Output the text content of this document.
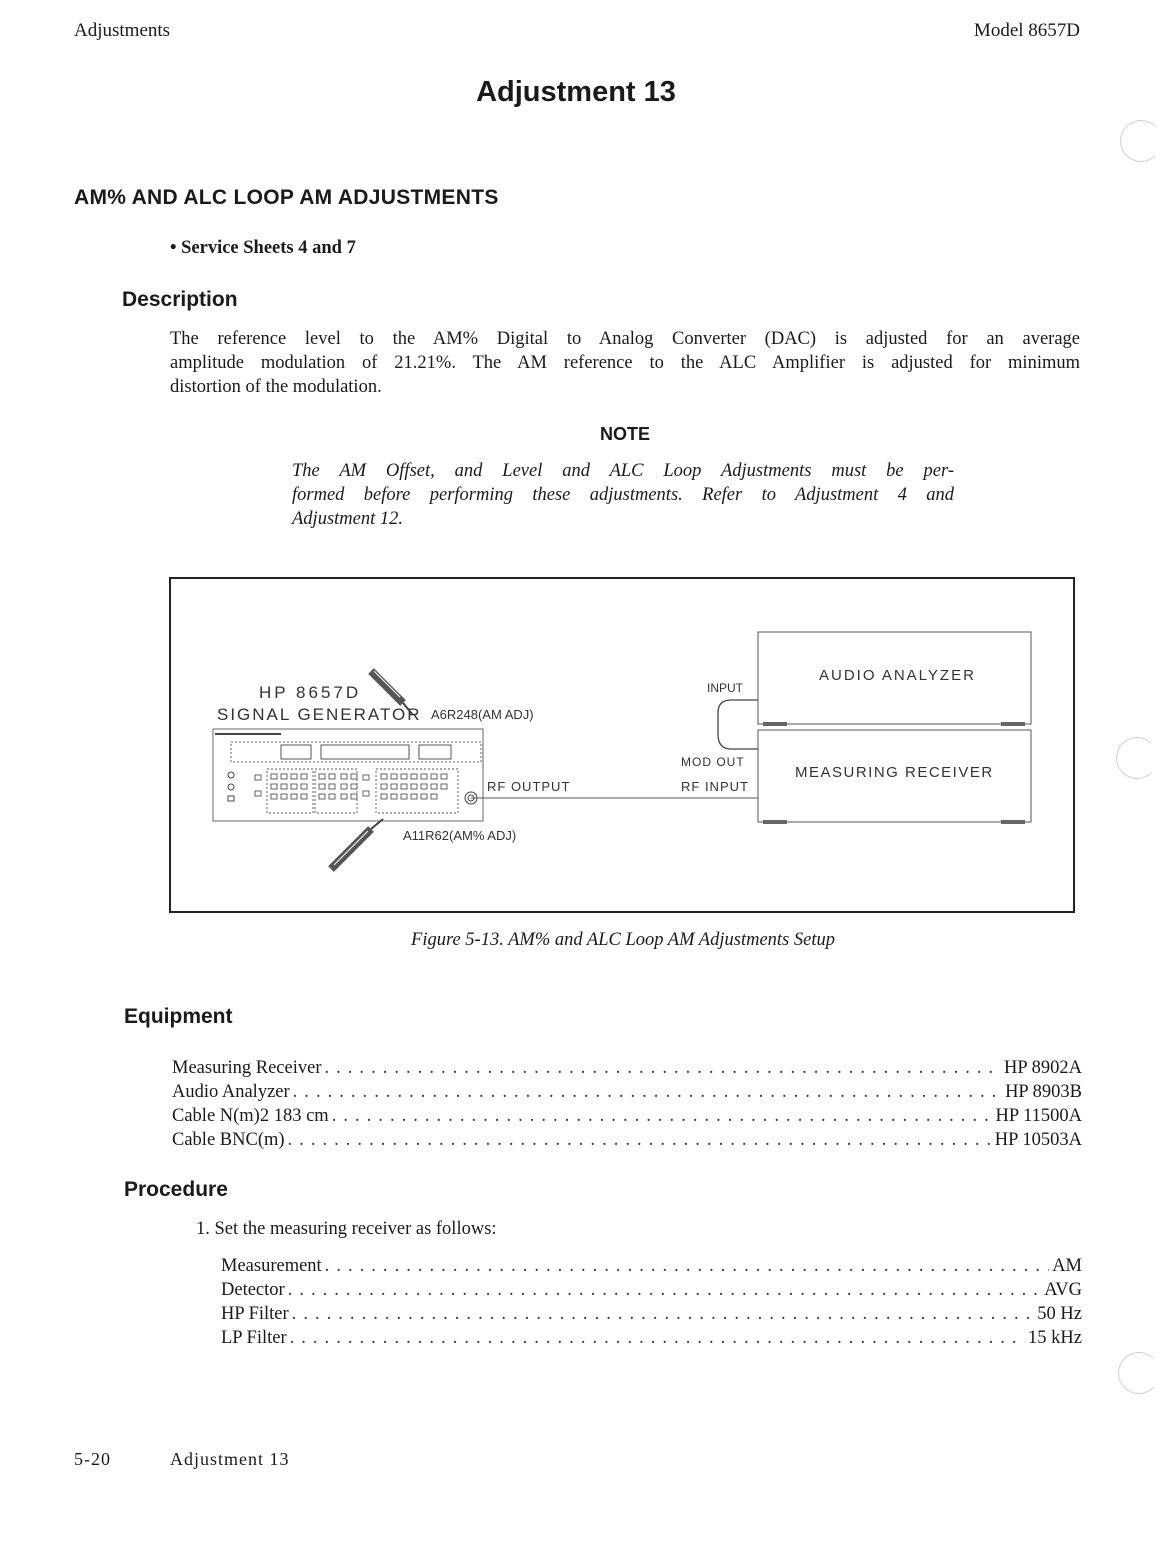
Adjustments	Model 8657D
Adjustment 13
AM% AND ALC LOOP AM ADJUSTMENTS
• Service Sheets 4 and 7
Description
The reference level to the AM% Digital to Analog Converter (DAC) is adjusted for an average
amplitude modulation of 21.21%. The AM reference to the ALC Amplifier is adjusted for minimum
distortion of the modulation.
NOTE
The AM Offset, and Level and ALC Loop Adjustments must be per-
formed before performing these adjustments. Refer to Adjustment 4 and
Adjustment 12.
HP 8657D
SIGNAL GENERATOR A6R248(AM ADJ)
A11R62(AM% ADJ)
RF OUTPUT	RF INPUT
INPUT
MOD OUT
AUDIO ANALYZER
MEASURING RECEIVER
Figure 5-13. AM% and ALC Loop AM Adjustments Setup
Equipment
Measuring Receiver . . .	HP 8902A
Audio Analyzer . . .	HP 8903B
Cable N(m)2 183 cm . . .	HP 11500A
Cable BNC(m) . . .	HP 10503A
Procedure
1. Set the measuring receiver as follows:
Measurement . . .	AM
Detector . . .	AVG
HP Filter . . .	50 Hz
LP Filter . . .	15 kHz
5-20	Adjustment 13
